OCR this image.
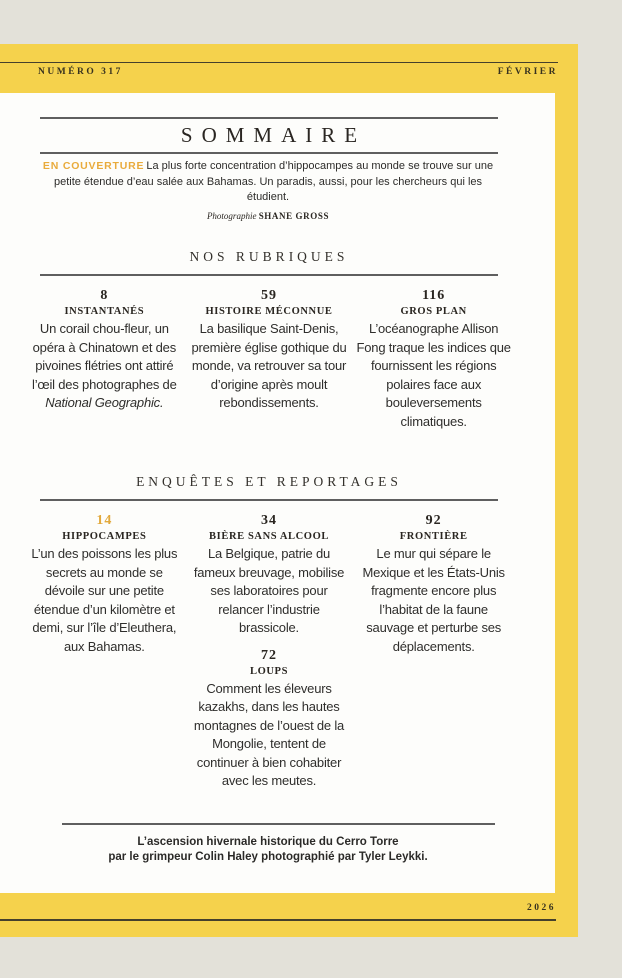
NUMÉRO 317	FÉVRIER
SOMMAIRE
EN COUVERTURE La plus forte concentration d’hippocampes au monde se trouve sur une petite étendue d’eau salée aux Bahamas. Un paradis, aussi, pour les chercheurs qui les étudient.
Photographie SHANE GROSS
NOS RUBRIQUES
8
INSTANTANÉS
Un corail chou-fleur, un opéra à Chinatown et des pivoines flétries ont attiré l’œil des photographes de National Geographic.
59
HISTOIRE MÉCONNUE
La basilique Saint-Denis, première église gothique du monde, va retrouver sa tour d’origine après moult rebondissements.
116
GROS PLAN
L’océanographe Allison Fong traque les indices que fournissent les régions polaires face aux bouleversements climatiques.
ENQUÊTES ET REPORTAGES
14
HIPPOCAMPES
L’un des poissons les plus secrets au monde se dévoile sur une petite étendue d’un kilomètre et demi, sur l’île d’Eleuthera, aux Bahamas.
34
BIÈRE SANS ALCOOL
La Belgique, patrie du fameux breuvage, mobilise ses laboratoires pour relancer l’industrie brassicole.
72
LOUPS
Comment les éleveurs kazakhs, dans les hautes montagnes de l’ouest de la Mongolie, tentent de continuer à bien cohabiter avec les meutes.
92
FRONTIÈRE
Le mur qui sépare le Mexique et les États-Unis fragmente encore plus l’habitat de la faune sauvage et perturbe ses déplacements.
L’ascension hivernale historique du Cerro Torre
par le grimpeur Colin Haley photographié par Tyler Leykki.
2026
